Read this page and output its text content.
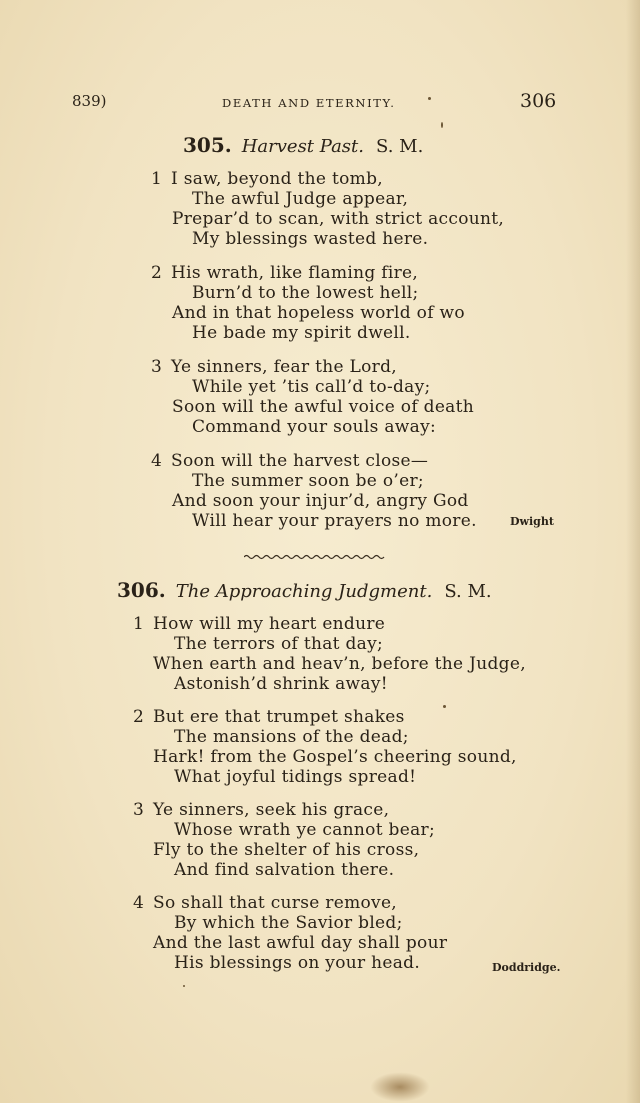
839)	DEATH AND ETERNITY.	306
305. Harvest Past. S. M.
1 I saw, beyond the tomb,
The awful Judge appear,
Prepar’d to scan, with strict account,
My blessings wasted here.
2 His wrath, like flaming fire,
Burn’d to the lowest hell;
And in that hopeless world of wo
He bade my spirit dwell.
3 Ye sinners, fear the Lord,
While yet ’tis call’d to-day;
Soon will the awful voice of death
Command your souls away:
4 Soon will the harvest close—
The summer soon be o’er;
And soon your injur’d, angry God
Will hear your prayers no more.	Dwight
306. The Approaching Judgment. S. M.
1 How will my heart endure
The terrors of that day;
When earth and heav’n, before the Judge,
Astonish’d shrink away!
2 But ere that trumpet shakes
The mansions of the dead;
Hark! from the Gospel’s cheering sound,
What joyful tidings spread!
3 Ye sinners, seek his grace,
Whose wrath ye cannot bear;
Fly to the shelter of his cross,
And find salvation there.
4 So shall that curse remove,
By which the Savior bled;
And the last awful day shall pour
His blessings on your head.	Doddridge.
